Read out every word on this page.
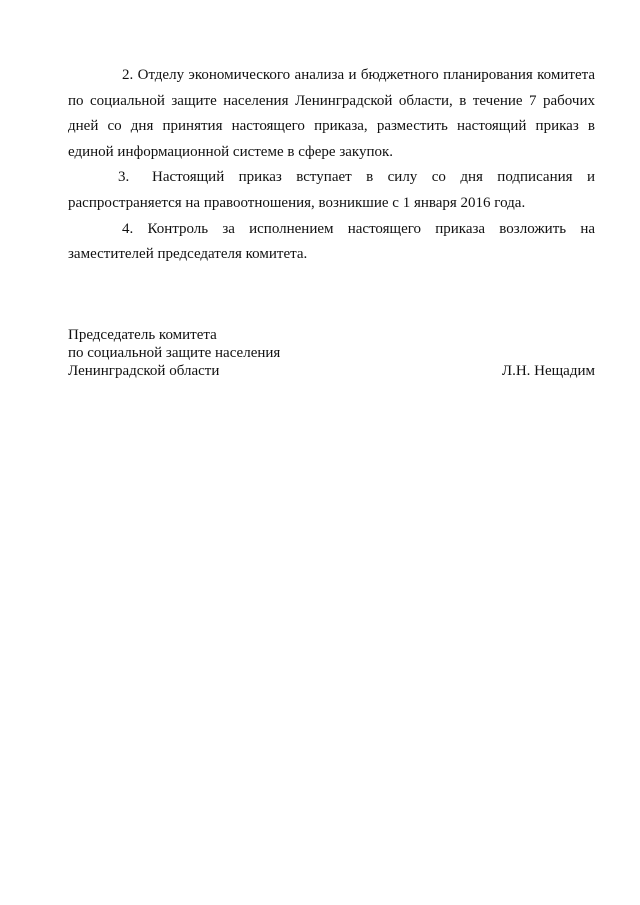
2. Отделу экономического анализа и бюджетного планирования комитета по социальной защите населения Ленинградской области, в течение 7 рабочих дней со дня принятия настоящего приказа, разместить настоящий приказ в единой информационной системе в сфере закупок.

3. Настоящий приказ вступает в силу со дня подписания и распространяется на правоотношения, возникшие с 1 января 2016 года.

4. Контроль за исполнением настоящего приказа возложить на заместителей председателя комитета.

Председатель комитета
по социальной защите населения
Ленинградской области	Л.Н. Нещадим
